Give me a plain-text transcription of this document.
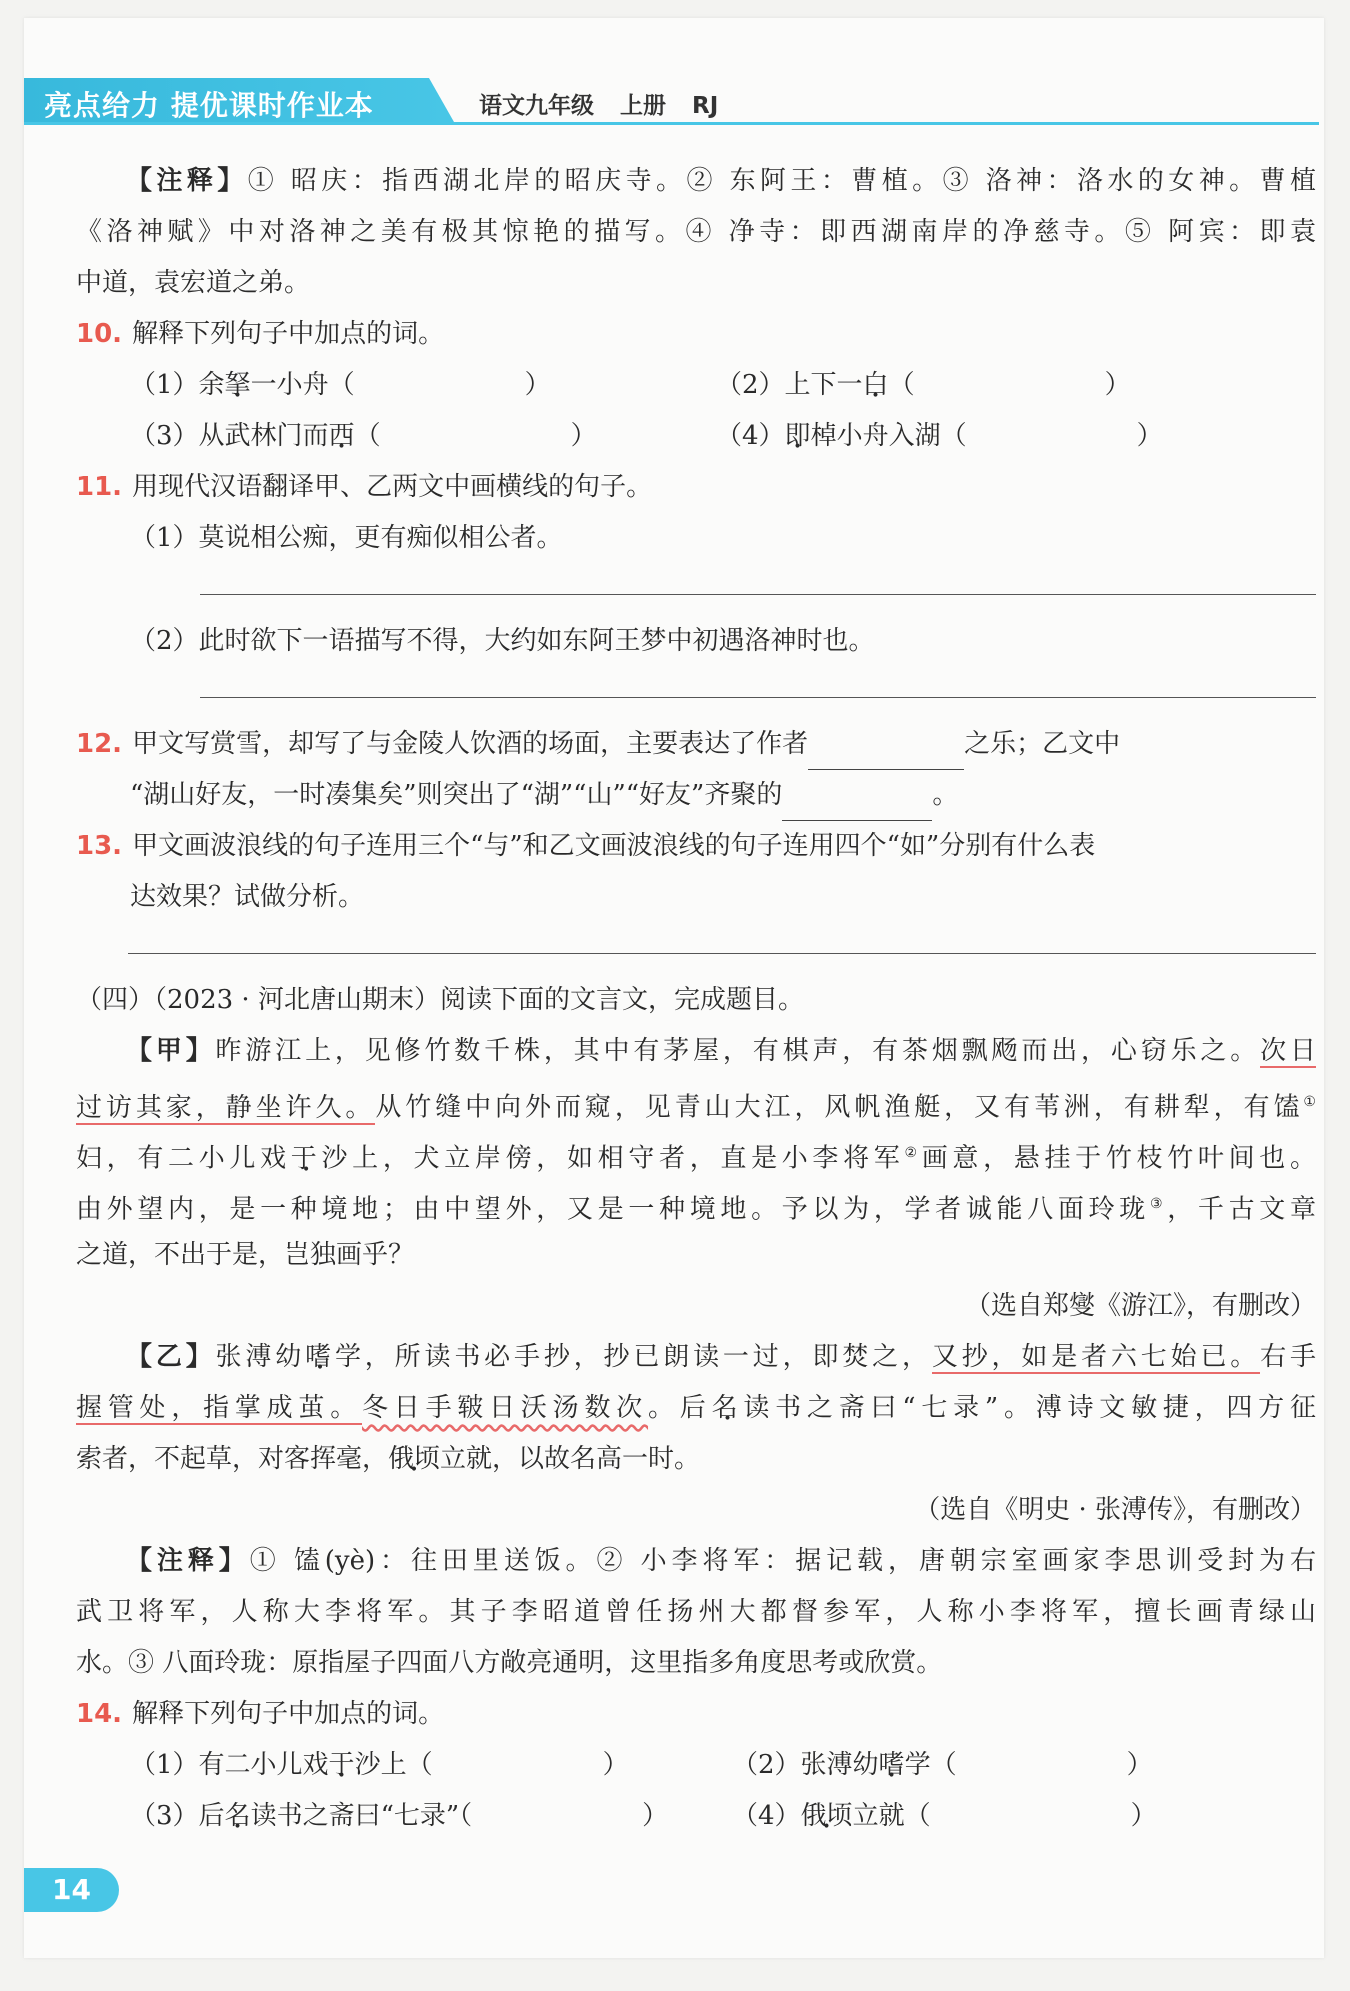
亮点给力 提优课时作业本	语文九年级 上册 RJ
【注释】① 昭庆：指西湖北岸的昭庆寺。② 东阿王：曹植。③ 洛神：洛水的女神。曹植
《洛神赋》中对洛神之美有极其惊艳的描写。④ 净寺：即西湖南岸的净慈寺。⑤ 阿宾：即袁
中道，袁宏道之弟。
10. 解释下列句子中加点的词。
（1）余拏一小舟（	）	（2）上下一白（	）
（3）从武林门而西（	）	（4）即棹小舟入湖（	）
11. 用现代汉语翻译甲、乙两文中画横线的句子。
（1）莫说相公痴，更有痴似相公者。
（2）此时欲下一语描写不得，大约如东阿王梦中初遇洛神时也。
12. 甲文写赏雪，却写了与金陵人饮酒的场面，主要表达了作者	之乐；乙文中
“湖山好友，一时凑集矣”则突出了“湖”“山”“好友”齐聚的	。
13. 甲文画波浪线的句子连用三个“与”和乙文画波浪线的句子连用四个“如”分别有什么表
达效果？试做分析。
（四）（2023 · 河北唐山期末）阅读下面的文言文，完成题目。
【甲】昨游江上，见修竹数千株，其中有茅屋，有棋声，有茶烟飘飏而出，心窃乐之。次日
过访其家，静坐许久。从竹缝中向外而窥，见青山大江，风帆渔艇，又有苇洲，有耕犁，有馌①
妇，有二小儿戏于沙上，犬立岸傍，如相守者，直是小李将军②画意，悬挂于竹枝竹叶间也。
由外望内，是一种境地；由中望外，又是一种境地。予以为，学者诚能八面玲珑③，千古文章
之道，不出于是，岂独画乎？
（选自郑燮《游江》，有删改）
【乙】张溥幼嗜学，所读书必手抄，抄已朗读一过，即焚之，又抄，如是者六七始已。右手
握管处，指掌成茧。冬日手皲日沃汤数次。后名读书之斋曰“七录”。溥诗文敏捷，四方征
索者，不起草，对客挥毫，俄顷立就，以故名高一时。
（选自《明史 · 张溥传》，有删改）
【注释】① 馌(yè)：往田里送饭。② 小李将军：据记载，唐朝宗室画家李思训受封为右
武卫将军，人称大李将军。其子李昭道曾任扬州大都督参军，人称小李将军，擅长画青绿山
水。③ 八面玲珑：原指屋子四面八方敞亮通明，这里指多角度思考或欣赏。
14. 解释下列句子中加点的词。
（1）有二小儿戏于沙上（	）	（2）张溥幼嗜学（	）
（3）后名读书之斋曰“七录”（	）	（4）俄顷立就（	）
14
